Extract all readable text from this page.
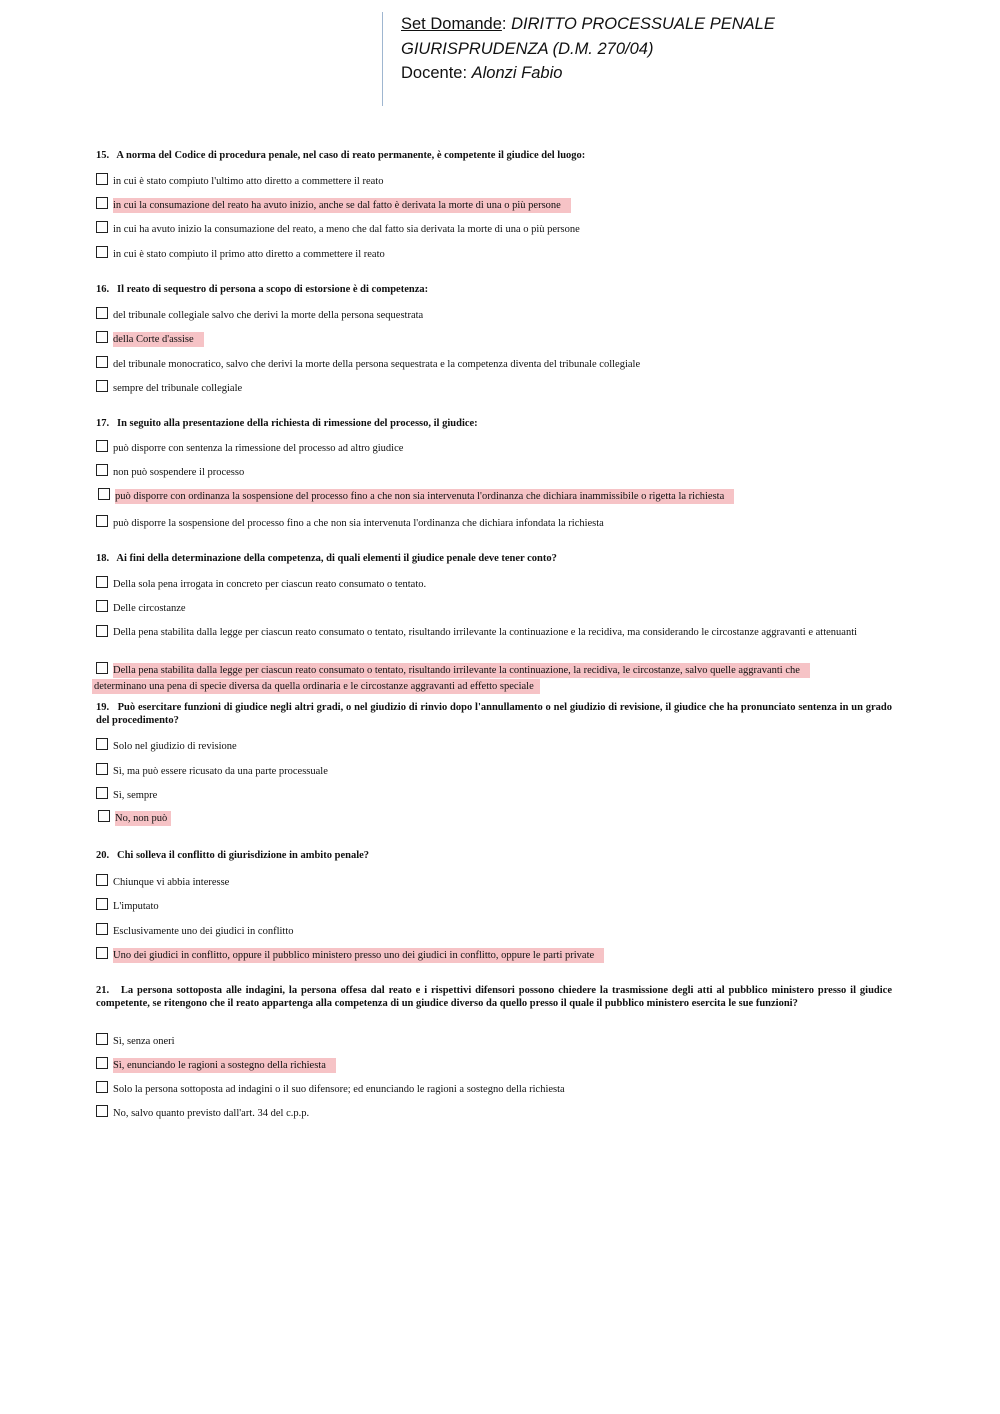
Set Domande: DIRITTO PROCESSUALE PENALE
GIURISPRUDENZA (D.M. 270/04)
Docente: Alonzi Fabio
15. A norma del Codice di procedura penale, nel caso di reato permanente, è competente il giudice del luogo:
in cui è stato compiuto l'ultimo atto diretto a commettere il reato
in cui la consumazione del reato ha avuto inizio, anche se dal fatto è derivata la morte di una o più persone
in cui ha avuto inizio la consumazione del reato, a meno che dal fatto sia derivata la morte di una o più persone
in cui è stato compiuto il primo atto diretto a commettere il reato
16. Il reato di sequestro di persona a scopo di estorsione è di competenza:
del tribunale collegiale salvo che derivi la morte della persona sequestrata
della Corte d'assise
del tribunale monocratico, salvo che derivi la morte della persona sequestrata e la competenza diventa del tribunale collegiale
sempre del tribunale collegiale
17. In seguito alla presentazione della richiesta di rimessione del processo, il giudice:
può disporre con sentenza la rimessione del processo ad altro giudice
non può sospendere il processo
può disporre con ordinanza la sospensione del processo fino a che non sia intervenuta l'ordinanza che dichiara inammissibile o rigetta la richiesta
può disporre la sospensione del processo fino a che non sia intervenuta l'ordinanza che dichiara infondata la richiesta
18. Ai fini della determinazione della competenza, di quali elementi il giudice penale deve tener conto?
Della sola pena irrogata in concreto per ciascun reato consumato o tentato.
Delle circostanze
Della pena stabilita dalla legge per ciascun reato consumato o tentato, risultando irrilevante la continuazione e la recidiva, ma considerando le circostanze aggravanti e attenuanti
Della pena stabilita dalla legge per ciascun reato consumato o tentato, risultando irrilevante la continuazione, la recidiva, le circostanze, salvo quelle aggravanti che
determinano una pena di specie diversa da quella ordinaria e le circostanze aggravanti ad effetto speciale
19. Può esercitare funzioni di giudice negli altri gradi, o nel giudizio di rinvio dopo l'annullamento o nel giudizio di revisione, il giudice che ha pronunciato sentenza in un grado del procedimento?
Solo nel giudizio di revisione
Sì, ma può essere ricusato da una parte processuale
Sì, sempre
No, non può
20. Chi solleva il conflitto di giurisdizione in ambito penale?
Chiunque vi abbia interesse
L'imputato
Esclusivamente uno dei giudici in conflitto
Uno dei giudici in conflitto, oppure il pubblico ministero presso uno dei giudici in conflitto, oppure le parti private
21. La persona sottoposta alle indagini, la persona offesa dal reato e i rispettivi difensori possono chiedere la trasmissione degli atti al pubblico ministero presso il giudice competente, se ritengono che il reato appartenga alla competenza di un giudice diverso da quello presso il quale il pubblico ministero esercita le sue funzioni?
Sì, senza oneri
Sì, enunciando le ragioni a sostegno della richiesta
Solo la persona sottoposta ad indagini o il suo difensore; ed enunciando le ragioni a sostegno della richiesta
No, salvo quanto previsto dall'art. 34 del c.p.p.
